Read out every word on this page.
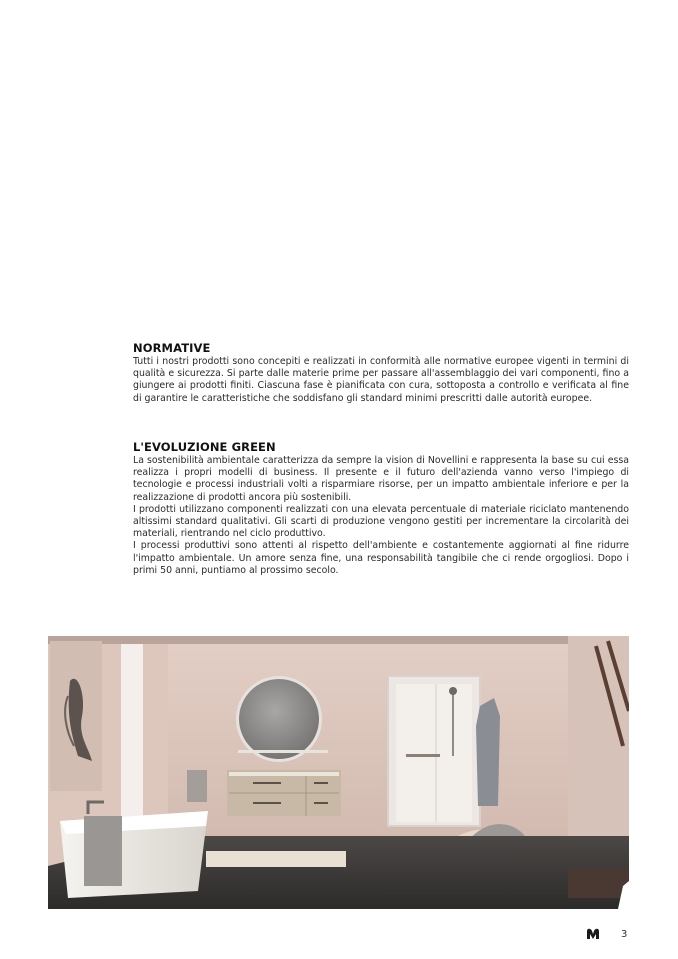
NORMATIVE

Tutti i nostri prodotti sono concepiti e realizzati in conformità alle normative europee vigenti in termini di qualità e sicurezza. Si parte dalle materie prime per passare all'assemblaggio dei vari componenti, fino a giungere ai prodotti finiti. Ciascuna fase è pianificata con cura, sottoposta a controllo e verificata al fine di garantire le caratteristiche che soddisfano gli standard minimi prescritti dalle autorità europee.

L'EVOLUZIONE GREEN

La sostenibilità ambientale caratterizza da sempre la vision di Novellini e rappresenta la base su cui essa realizza i propri modelli di business. Il presente e il futuro dell'azienda vanno verso l'impiego di tecnologie e processi industriali volti a risparmiare risorse, per un impatto ambientale inferiore e per la realizzazione di prodotti ancora più sostenibili.

I prodotti utilizzano componenti realizzati con una elevata percentuale di materiale riciclato mantenendo altissimi standard qualitativi. Gli scarti di produzione vengono gestiti per incrementare la circolarità dei materiali, rientrando nel ciclo produttivo.

I processi produttivi sono attenti al rispetto dell'ambiente e costantemente aggiornati al fine ridurre l'impatto ambientale. Un amore senza fine, una responsabilità tangibile che ci rende orgogliosi. Dopo i primi 50 anni, puntiamo al prossimo secolo.

3
